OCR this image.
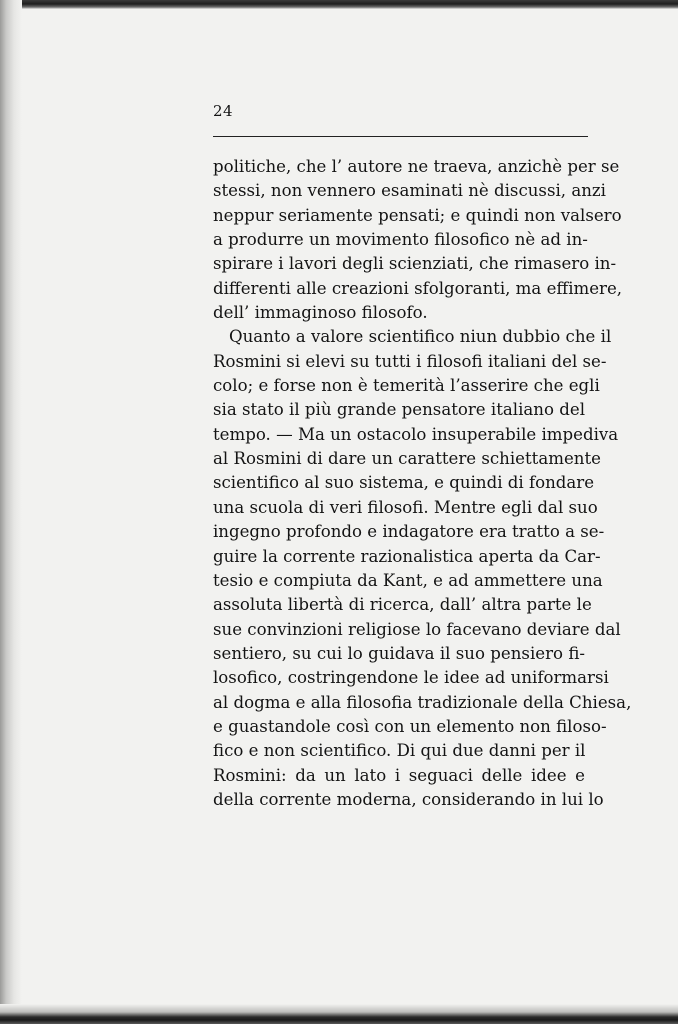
24
politiche, che l’ autore ne traeva, anzichè per se
stessi, non vennero esaminati nè discussi, anzi
neppur seriamente pensati; e quindi non valsero
a produrre un movimento filosofico nè ad in-
spirare i lavori degli scienziati, che rimasero in-
differenti alle creazioni sfolgoranti, ma effimere,
dell’ immaginoso filosofo.
Quanto a valore scientifico niun dubbio che il
Rosmini si elevi su tutti i filosofi italiani del se-
colo; e forse non è temerità l’asserire che egli
sia stato il più grande pensatore italiano del
tempo. — Ma un ostacolo insuperabile impediva
al Rosmini di dare un carattere schiettamente
scientifico al suo sistema, e quindi di fondare
una scuola di veri filosofi. Mentre egli dal suo
ingegno profondo e indagatore era tratto a se-
guire la corrente razionalistica aperta da Car-
tesio e compiuta da Kant, e ad ammettere una
assoluta libertà di ricerca, dall’ altra parte le
sue convinzioni religiose lo facevano deviare dal
sentiero, su cui lo guidava il suo pensiero fi-
losofico, costringendone le idee ad uniformarsi
al dogma e alla filosofia tradizionale della Chiesa,
e guastandole così con un elemento non filoso-
fico e non scientifico. Di qui due danni per il
Rosmini: da un lato i seguaci delle idee e
della corrente moderna, considerando in lui lo
